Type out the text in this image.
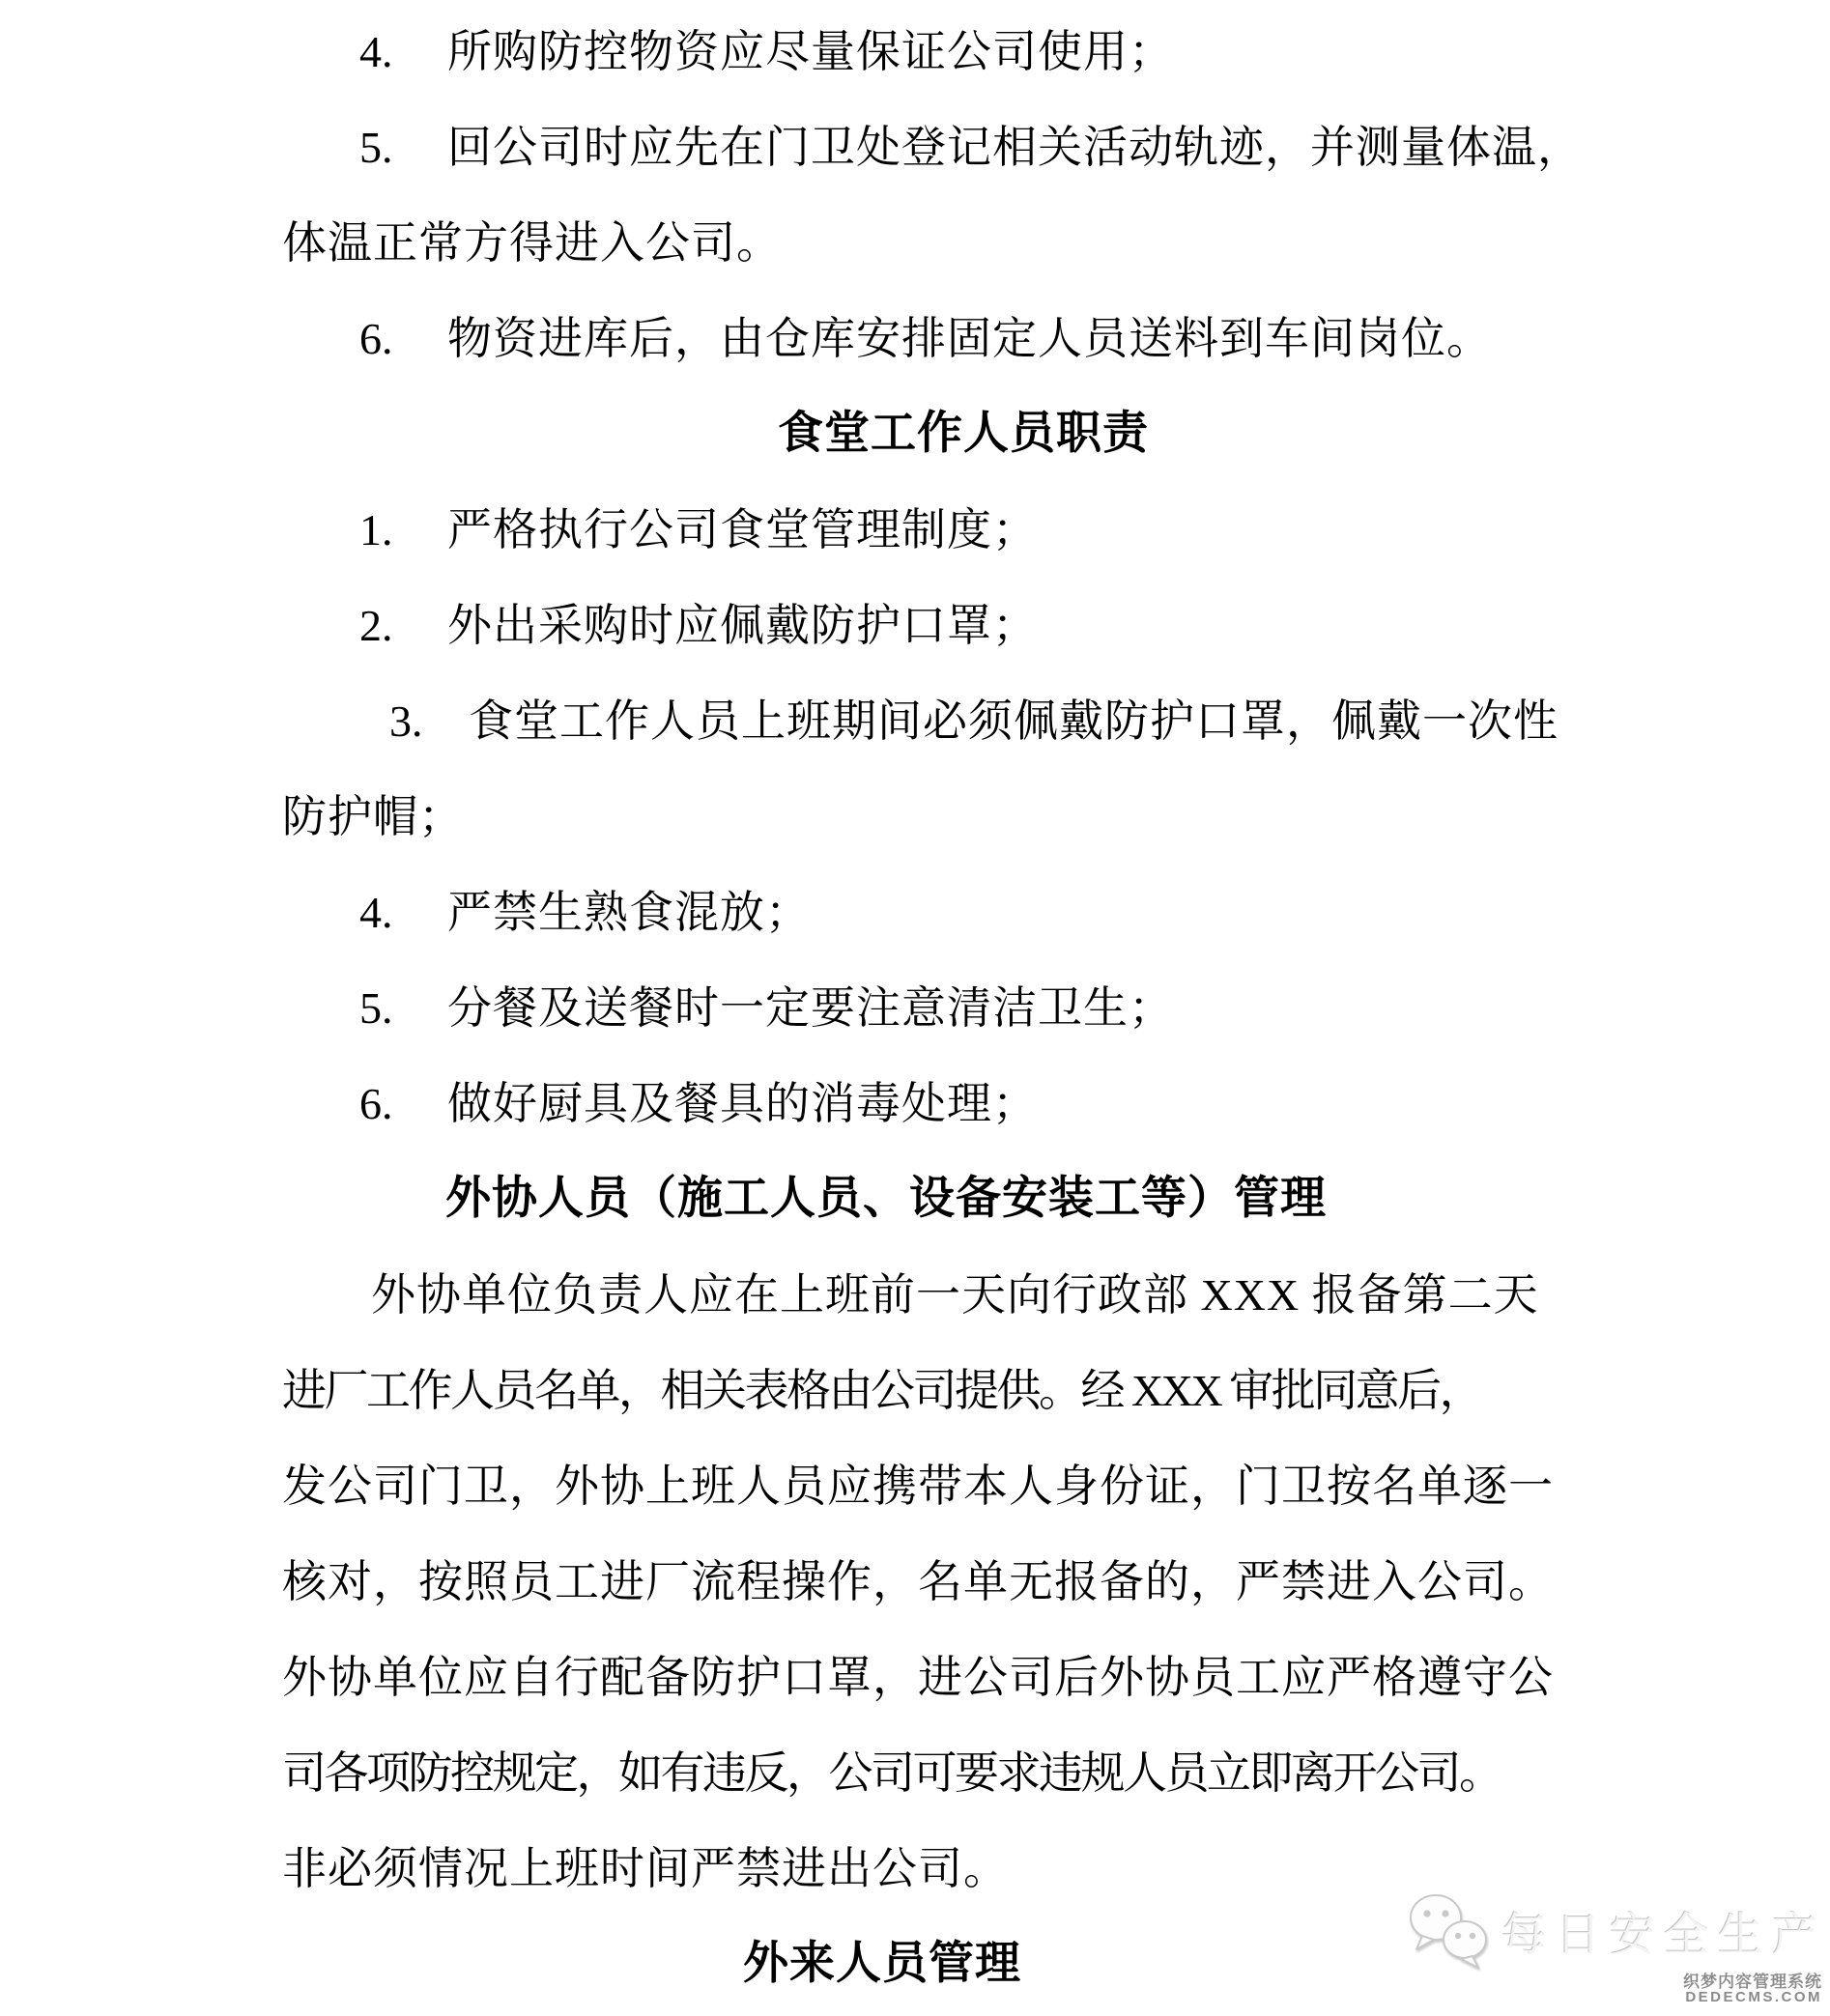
4. 所购防控物资应尽量保证公司使用；
5. 回公司时应先在门卫处登记相关活动轨迹，并测量体温，
体温正常方得进入公司。
6. 物资进库后，由仓库安排固定人员送料到车间岗位。
食堂工作人员职责
1. 严格执行公司食堂管理制度；
2. 外出采购时应佩戴防护口罩；
3. 食堂工作人员上班期间必须佩戴防护口罩，佩戴一次性
防护帽；
4. 严禁生熟食混放；
5. 分餐及送餐时一定要注意清洁卫生；
6. 做好厨具及餐具的消毒处理；
外协人员（施工人员、设备安装工等）管理
外协单位负责人应在上班前一天向行政部 XXX 报备第二天
进厂工作人员名单，相关表格由公司提供。经 XXX 审批同意后，
发公司门卫，外协上班人员应携带本人身份证，门卫按名单逐一
核对，按照员工进厂流程操作，名单无报备的，严禁进入公司。
外协单位应自行配备防护口罩，进公司后外协员工应严格遵守公
司各项防控规定，如有违反，公司可要求违规人员立即离开公司。
非必须情况上班时间严禁进出公司。
外来人员管理
每日安全生产
织梦内容管理系统
DEDECMS.COM
